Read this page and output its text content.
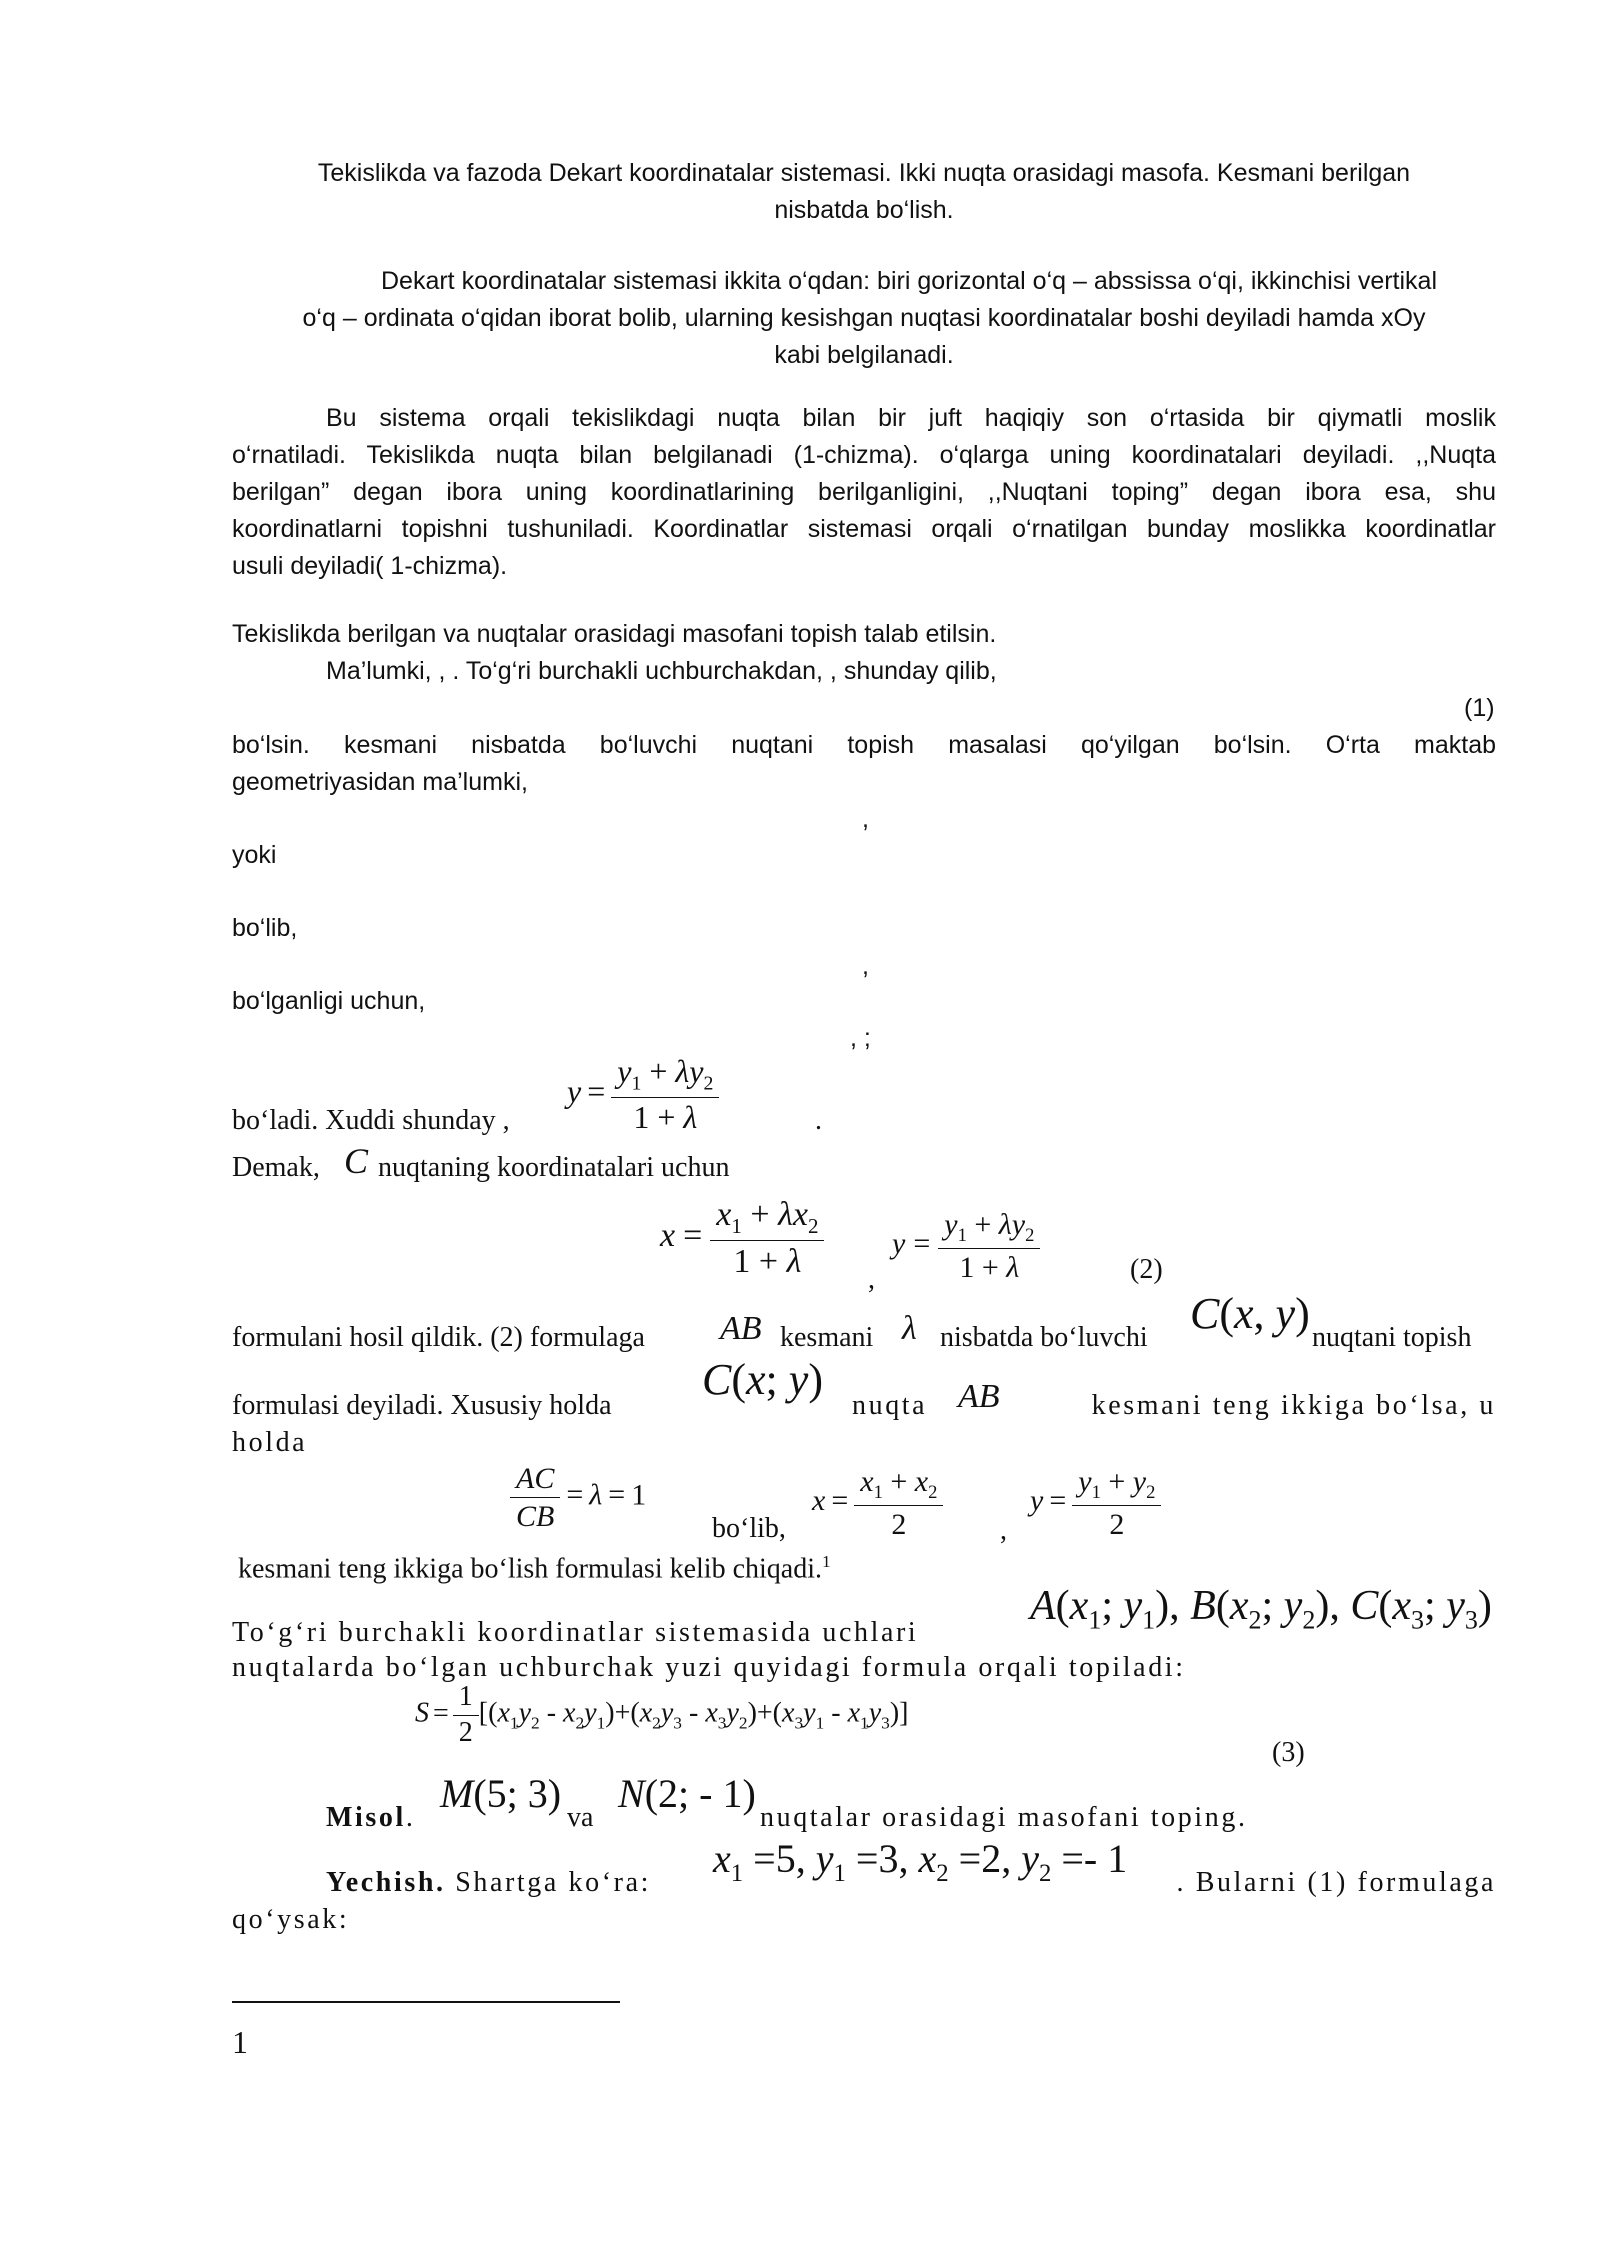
Tekislikda va fazoda Dekart koordinatalar sistemasi. Ikki nuqta orasidagi masofa. Kesmani berilgan
nisbatda bo‘lish.
Dekart koordinatalar sistemasi ikkita o‘qdan: biri gorizontal o‘q – abssissa o‘qi, ikkinchisi vertikal
o‘q – ordinata o‘qidan iborat bolib, ularning kesishgan nuqtasi koordinatalar boshi deyiladi hamda xOy
kabi belgilanadi.
Bu sistema orqali tekislikdagi nuqta bilan bir juft haqiqiy son o‘rtasida bir qiymatli moslik
o‘rnatiladi. Tekislikda nuqta bilan belgilanadi (1-chizma). o‘qlarga uning koordinatalari deyiladi. ,,Nuqta
berilgan” degan ibora uning koordinatlarining berilganligini, ,,Nuqtani toping” degan ibora esa, shu
koordinatlarni topishni tushuniladi. Koordinatlar sistemasi orqali o‘rnatilgan bunday moslikka koordinatlar
usuli deyiladi( 1-chizma).
Tekislikda berilgan va nuqtalar orasidagi masofani topish talab etilsin.
Ma’lumki, , . To‘g‘ri burchakli uchburchakdan, , shunday qilib,
(1)
bo‘lsin. kesmani nisbatda bo‘luvchi nuqtani topish masalasi qo‘yilgan bo‘lsin. O‘rta maktab
geometriyasidan ma’lumki,
,
yoki
bo‘lib,
,
bo‘lganligi uchun,
, ;
bo‘ladi. Xuddi shunday ,
$y = \frac{y_1 + \lambda y_2}{1 + \lambda}$	.
Demak, C nuqtaning koordinatalari uchun
$x = \frac{x_1 + \lambda x_2}{1 + \lambda}$ ,
$y = \frac{y_1 + \lambda y_2}{1 + \lambda}$	(2)
formulani hosil qildik. (2) formulaga AB kesmani λ nisbatda bo‘luvchi C(x, y) nuqtani topish
formulasi deyiladi. Xususiy holda
C(x; y)
nuqta AB	kesmani teng ikkiga bo‘lsa, u
holda
$\frac{AC}{CB} = \lambda = 1$
bo‘lib,
$x = \frac{x_1 + x_2}{2}$ ,
$y = \frac{y_1 + y_2}{2}$
kesmani teng ikkiga bo‘lish formulasi kelib chiqadi.$^1$
To‘g‘ri burchakli koordinatlar sistemasida uchlari
$A(x_1$; $y_1$), $B(x_2$; $y_2$), $C(x_3$; $y_3$)
nuqtalarda bo‘lgan uchburchak yuzi quyidagi formula orqali topiladi:
$S = \frac{1}{2} [(x_1y_2 - x_2y_1)+(x_2y_3 - x_3y_2)+(x_3y_1 - x_1y_3)]$
(3)
Misol.
M(5; 3)
va
N(2; - 1)
nuqtalar orasidagi masofani toping.
Yechish. Shartga ko‘ra:
$x_1 =5$, $y_1 =3$, $x_2 =2$, $y_2 =- 1$
. Bularni (1) formulaga
qo‘ysak:
1
